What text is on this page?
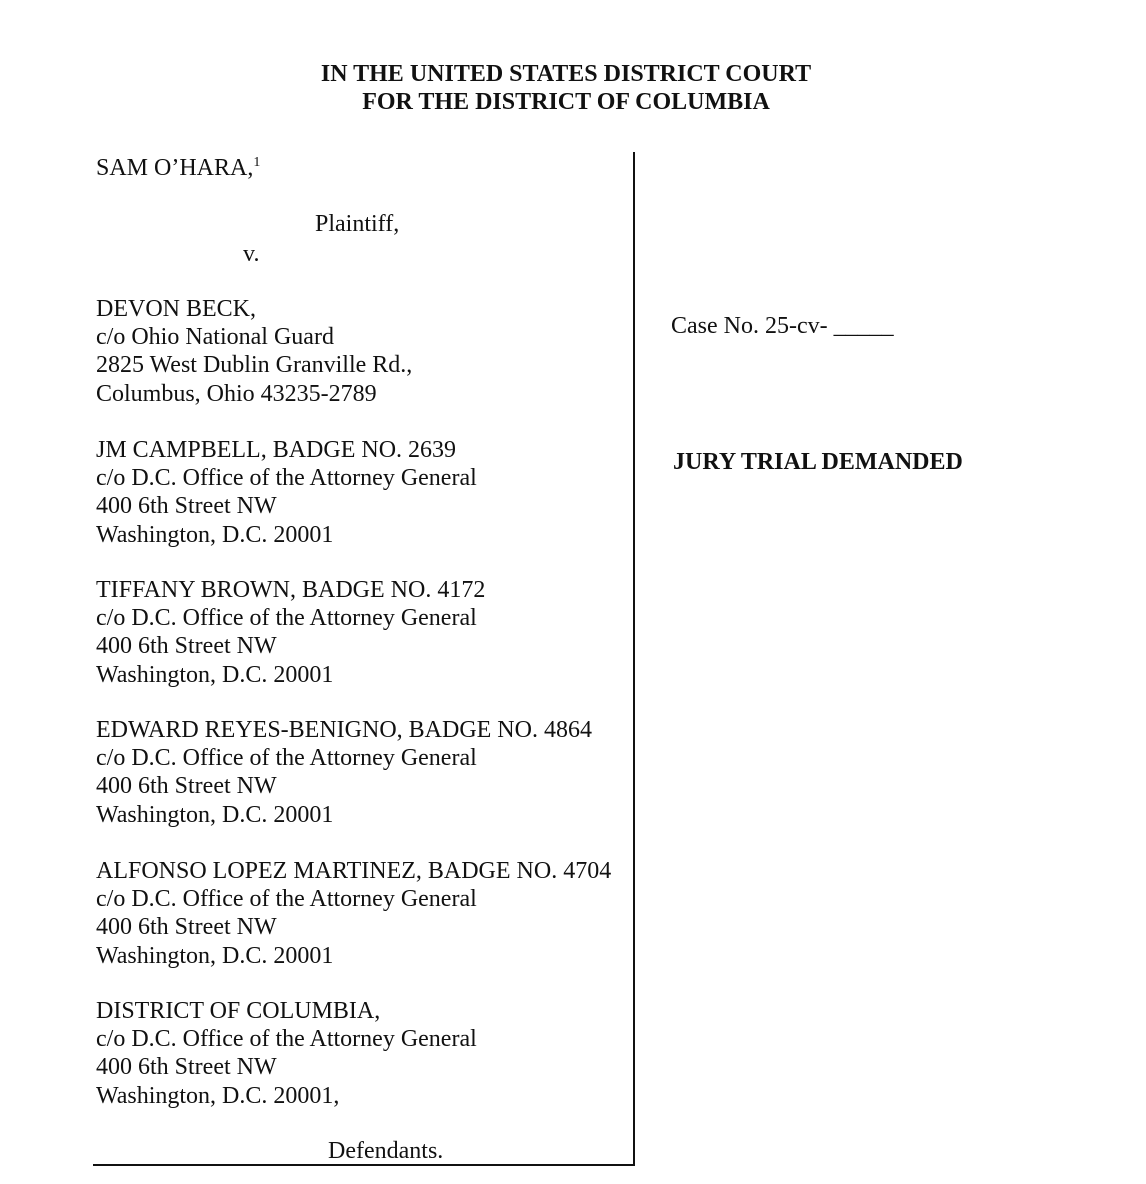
IN THE UNITED STATES DISTRICT COURT
FOR THE DISTRICT OF COLUMBIA
SAM O’HARA,$^1$
Plaintiff,
v.
DEVON BECK,
c/o Ohio National Guard
2825 West Dublin Granville Rd.,
Columbus, Ohio 43235-2789
JM CAMPBELL, BADGE NO. 2639
c/o D.C. Office of the Attorney General
400 6th Street NW
Washington, D.C. 20001
TIFFANY BROWN, BADGE NO. 4172
c/o D.C. Office of the Attorney General
400 6th Street NW
Washington, D.C. 20001
EDWARD REYES-BENIGNO, BADGE NO. 4864
c/o D.C. Office of the Attorney General
400 6th Street NW
Washington, D.C. 20001
ALFONSO LOPEZ MARTINEZ, BADGE NO. 4704
c/o D.C. Office of the Attorney General
400 6th Street NW
Washington, D.C. 20001
DISTRICT OF COLUMBIA,
c/o D.C. Office of the Attorney General
400 6th Street NW
Washington, D.C. 20001,
Defendants.
Case No. 25-cv- _____
JURY TRIAL DEMANDED
